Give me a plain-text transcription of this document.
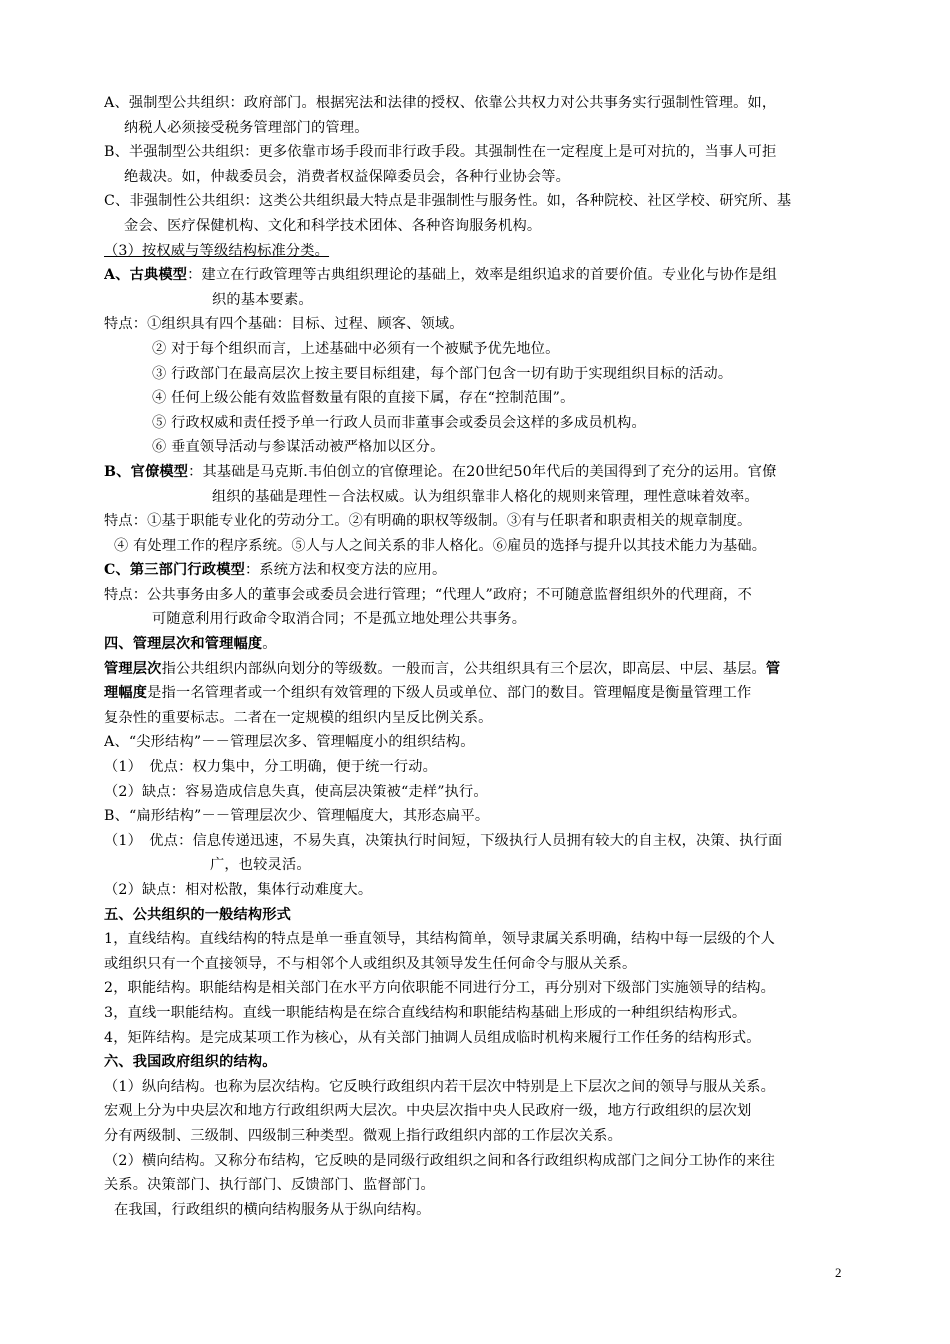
A、强制型公共组织：政府部门。根据宪法和法律的授权、依靠公共权力对公共事务实行强制性管理。如，
纳税人必须接受税务管理部门的管理。
B、半强制型公共组织：更多依靠市场手段而非行政手段。其强制性在一定程度上是可对抗的，当事人可拒
绝裁决。如，仲裁委员会，消费者权益保障委员会，各种行业协会等。
C、非强制性公共组织：这类公共组织最大特点是非强制性与服务性。如，各种院校、社区学校、研究所、基
金会、医疗保健机构、文化和科学技术团体、各种咨询服务机构。
（3）按权威与等级结构标准分类。
A、古典模型：建立在行政管理等古典组织理论的基础上，效率是组织追求的首要价值。专业化与协作是组
织的基本要素。
特点：①组织具有四个基础：目标、过程、顾客、领域。
② 对于每个组织而言，上述基础中必须有一个被赋予优先地位。
③ 行政部门在最高层次上按主要目标组建，每个部门包含一切有助于实现组织目标的活动。
④ 任何上级公能有效监督数量有限的直接下属，存在“控制范围”。
⑤ 行政权威和责任授予单一行政人员而非董事会或委员会这样的多成员机构。
⑥ 垂直领导活动与参谋活动被严格加以区分。
B、官僚模型：其基础是马克斯.韦伯创立的官僚理论。在20世纪50年代后的美国得到了充分的运用。官僚
组织的基础是理性－合法权威。认为组织靠非人格化的规则来管理，理性意味着效率。
特点：①基于职能专业化的劳动分工。②有明确的职权等级制。③有与任职者和职责相关的规章制度。
④ 有处理工作的程序系统。⑤人与人之间关系的非人格化。⑥雇员的选择与提升以其技术能力为基础。
C、第三部门行政模型：系统方法和权变方法的应用。
特点：公共事务由多人的董事会或委员会进行管理；“代理人”政府；不可随意监督组织外的代理商，不
可随意利用行政命令取消合同；不是孤立地处理公共事务。
四、管理层次和管理幅度。
管理层次指公共组织内部纵向划分的等级数。一般而言，公共组织具有三个层次，即高层、中层、基层。管
理幅度是指一名管理者或一个组织有效管理的下级人员或单位、部门的数目。管理幅度是衡量管理工作
复杂性的重要标志。二者在一定规模的组织内呈反比例关系。
A、“尖形结构”－－管理层次多、管理幅度小的组织结构。
（1）　优点：权力集中，分工明确，便于统一行动。
（2）缺点：容易造成信息失真，使高层决策被“走样”执行。
B、“扁形结构”－－管理层次少、管理幅度大，其形态扁平。
（1）　优点：信息传递迅速，不易失真，决策执行时间短，下级执行人员拥有较大的自主权，决策、执行面
广，也较灵活。
（2）缺点：相对松散，集体行动难度大。
五、公共组织的一般结构形式
1，直线结构。直线结构的特点是单一垂直领导，其结构简单，领导隶属关系明确，结构中每一层级的个人
或组织只有一个直接领导，不与相邻个人或组织及其领导发生任何命令与服从关系。
2，职能结构。职能结构是相关部门在水平方向依职能不同进行分工，再分别对下级部门实施领导的结构。
3，直线一职能结构。直线一职能结构是在综合直线结构和职能结构基础上形成的一种组织结构形式。
4，矩阵结构。是完成某项工作为核心，从有关部门抽调人员组成临时机构来履行工作任务的结构形式。
六、我国政府组织的结构。
（1）纵向结构。也称为层次结构。它反映行政组织内若干层次中特别是上下层次之间的领导与服从关系。
宏观上分为中央层次和地方行政组织两大层次。中央层次指中央人民政府一级，地方行政组织的层次划
分有两级制、三级制、四级制三种类型。微观上指行政组织内部的工作层次关系。
（2）横向结构。又称分布结构，它反映的是同级行政组织之间和各行政组织构成部门之间分工协作的来往
关系。决策部门、执行部门、反馈部门、监督部门。
在我国，行政组织的横向结构服务从于纵向结构。
2
